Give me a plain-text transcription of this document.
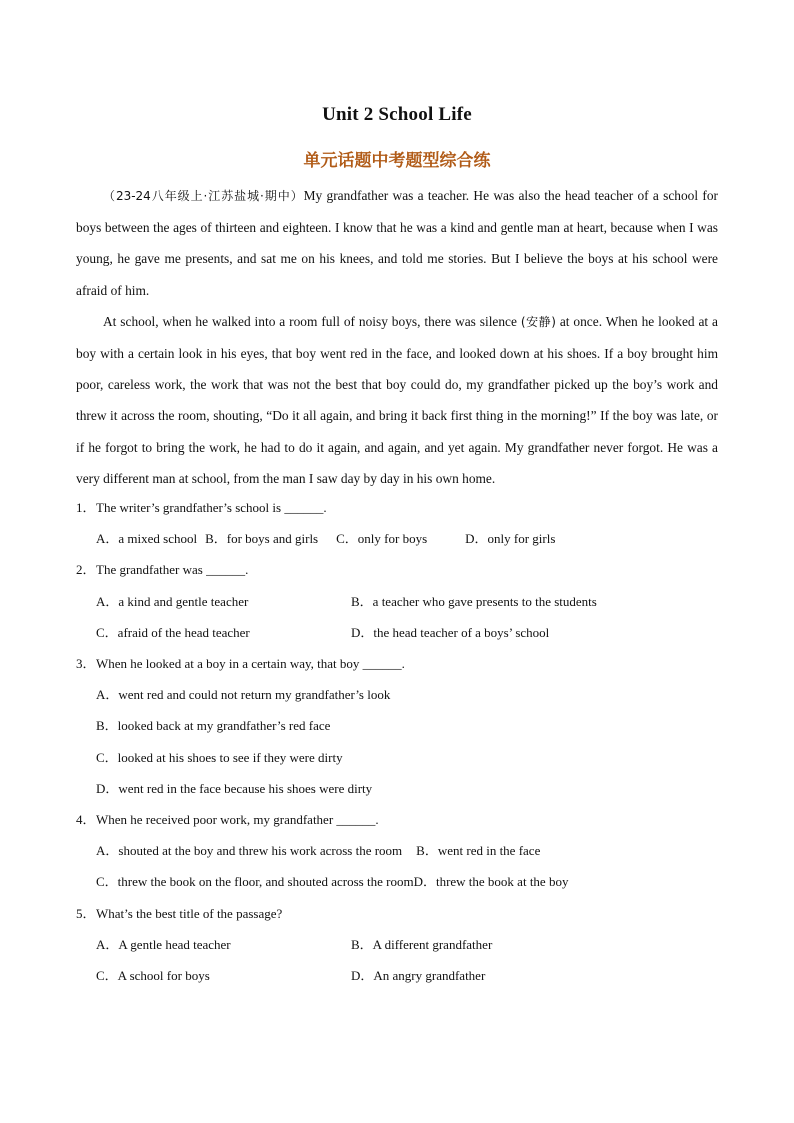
Unit 2 School Life
单元话题中考题型综合练

（23-24八年级上·江苏盐城·期中）My grandfather was a teacher. He was also the head teacher of a school for boys between the ages of thirteen and eighteen. I know that he was a kind and gentle man at heart, because when I was young, he gave me presents, and sat me on his knees, and told me stories. But I believe the boys at his school were afraid of him.

At school, when he walked into a room full of noisy boys, there was silence (安静) at once. When he looked at a boy with a certain look in his eyes, that boy went red in the face, and looked down at his shoes. If a boy brought him poor, careless work, the work that was not the best that boy could do, my grandfather picked up the boy’s work and threw it across the room, shouting, “Do it all again, and bring it back first thing in the morning!” If the boy was late, or if he forgot to bring the work, he had to do it again, and again, and yet again. My grandfather never forgot. He was a very different man at school, from the man I saw day by day in his own home.

1． The writer’s grandfather’s school is ______.
A．a mixed school B．for boys and girls C．only for boys	D．only for girls
2． The grandfather was ______.
A．a kind and gentle teacher	B．a teacher who gave presents to the students
C．afraid of the head teacher	D．the head teacher of a boys’ school
3． When he looked at a boy in a certain way, that boy ______.
A．went red and could not return my grandfather’s look
B．looked back at my grandfather’s red face
C．looked at his shoes to see if they were dirty
D．went red in the face because his shoes were dirty
4． When he received poor work, my grandfather ______.
A．shouted at the boy and threw his work across the room B．went red in the face
C．threw the book on the floor, and shouted across the room D．threw the book at the boy
5． What’s the best title of the passage?
A．A gentle head teacher	B．A different grandfather
C．A school for boys	D．An angry grandfather
